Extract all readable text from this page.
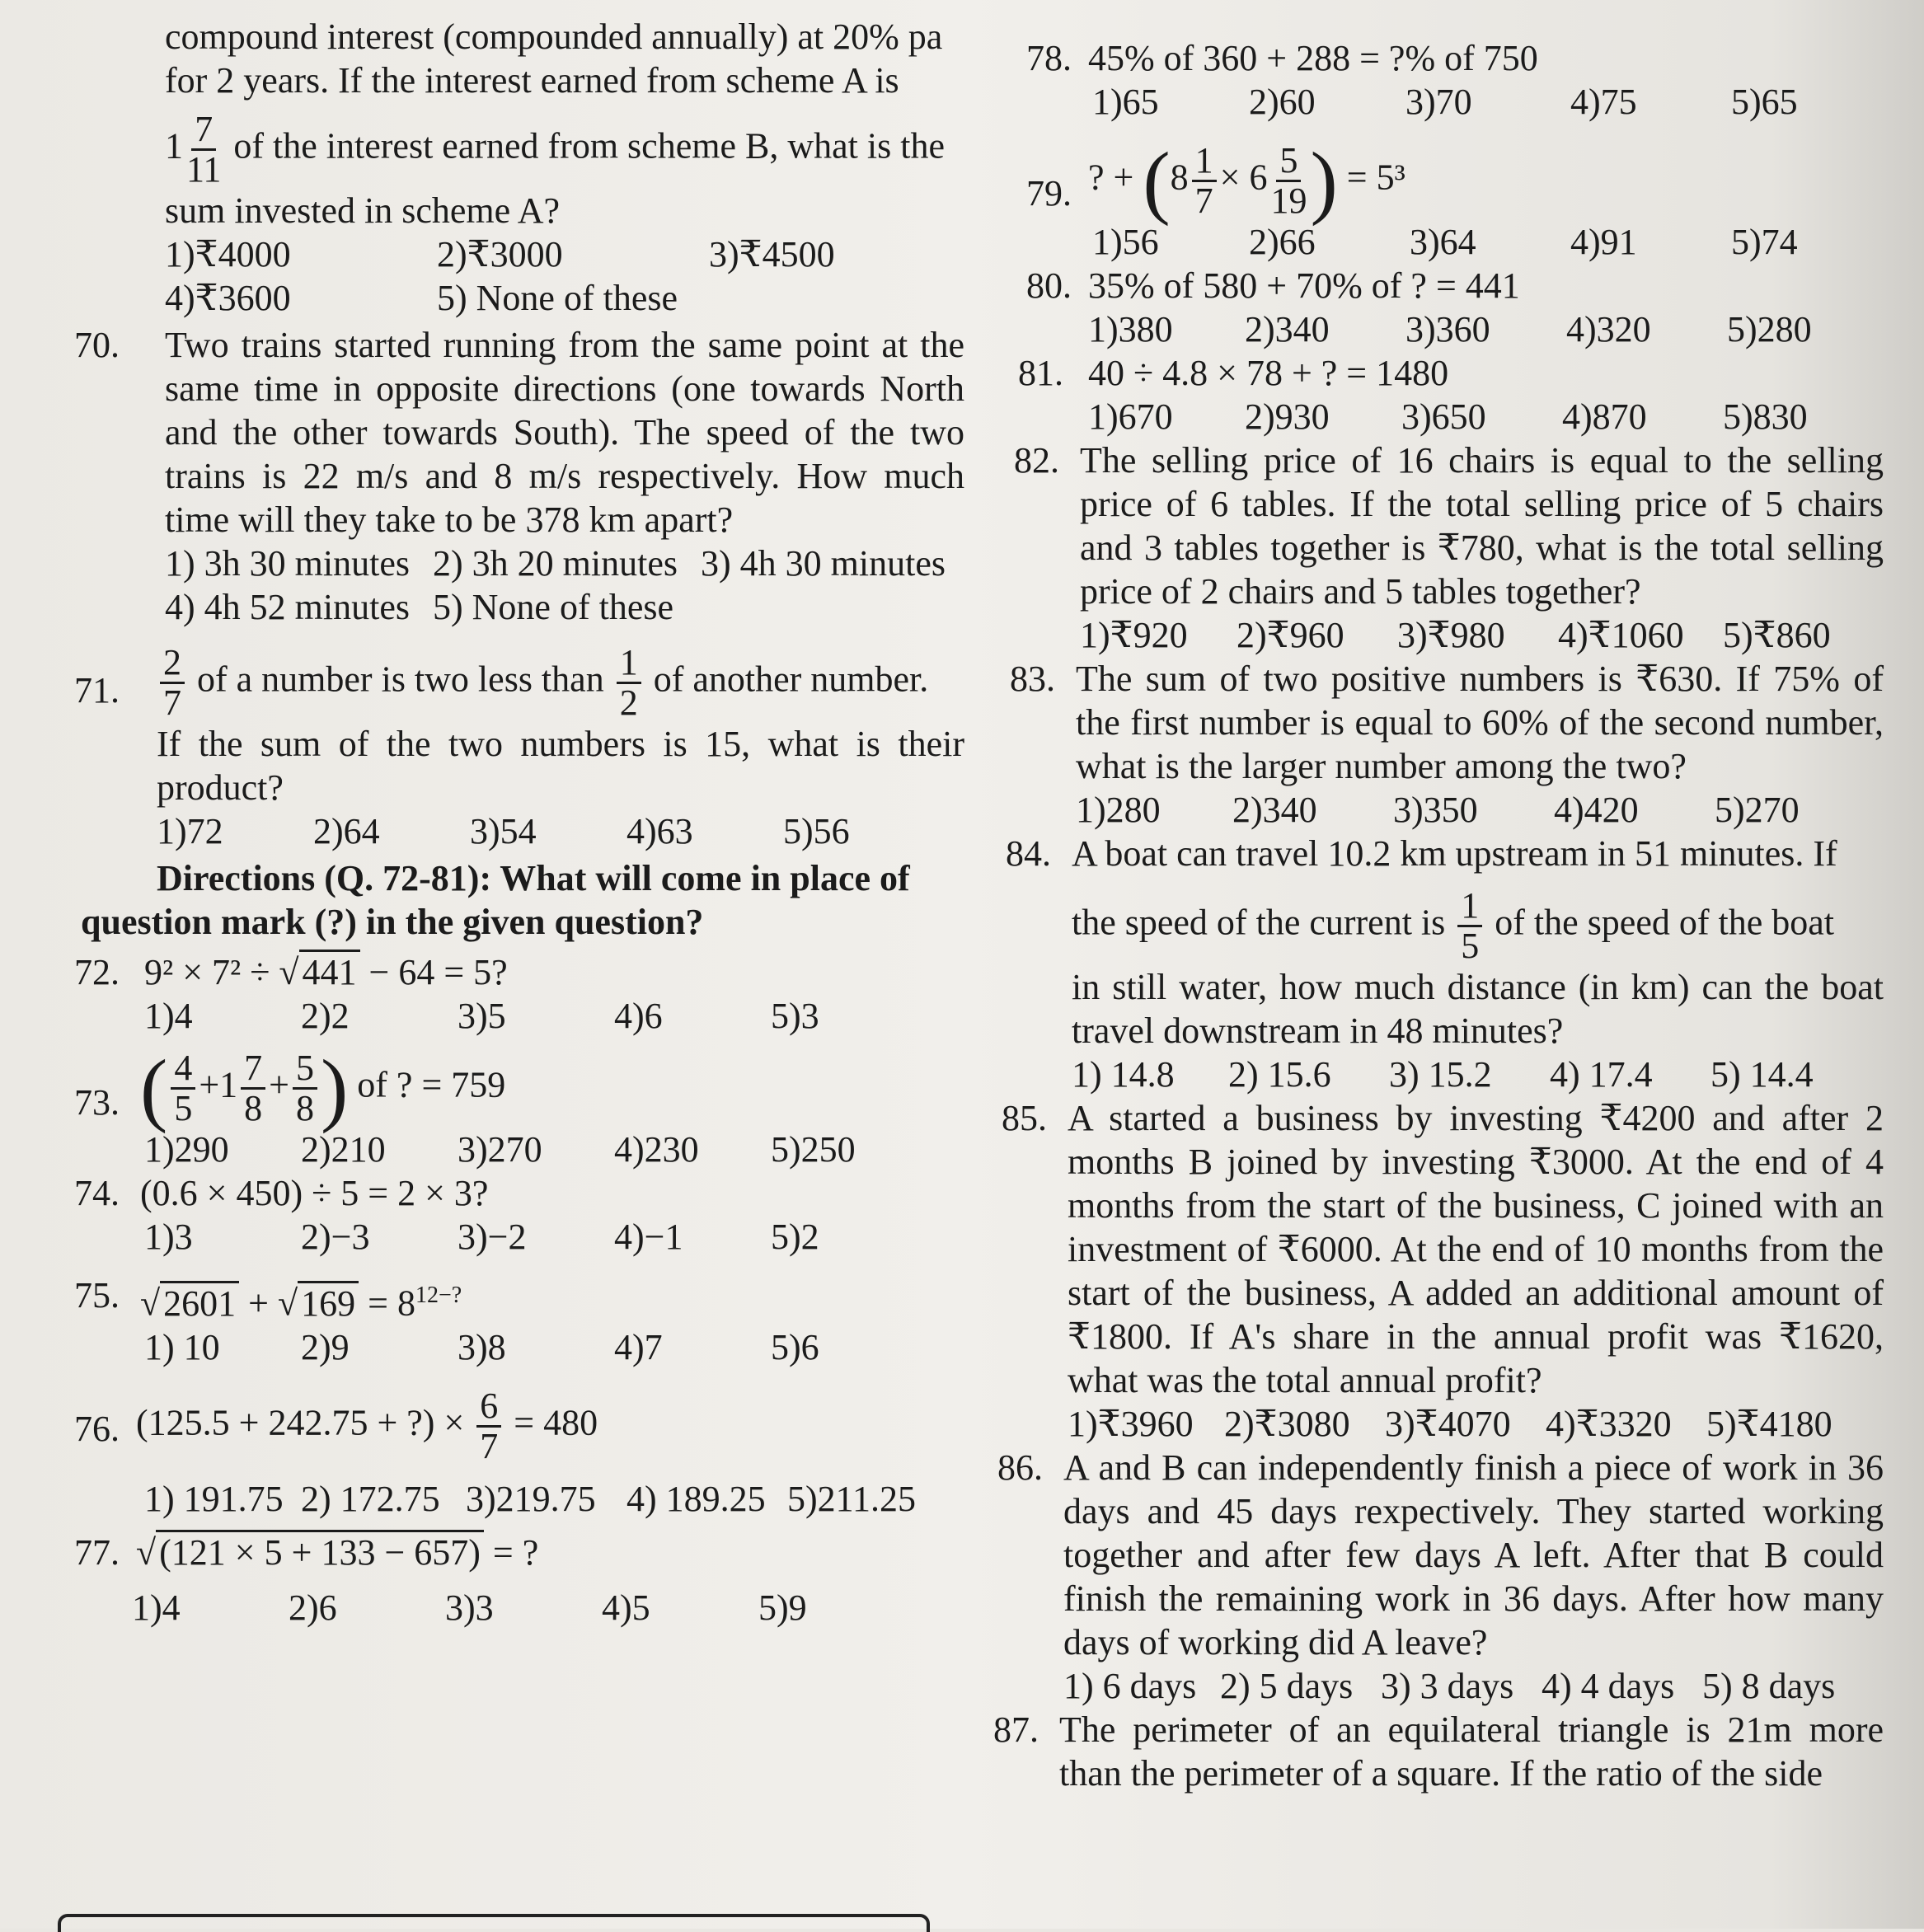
compound interest (compounded annually) at 20% pa
for 2 years. If the interest earned from scheme A is
$1 \frac{7}{11}$ of the interest earned from scheme B, what is the
sum invested in scheme A?
1)₹4000	2)₹3000	3)₹4500
4)₹3600	5) None of these
70. Two trains started running from the same point at the same time in opposite directions (one towards North and the other towards South). The speed of the two trains is 22 m/s and 8 m/s respectively. How much time will they take to be 378 km apart?
1) 3h 30 minutes 2) 3h 20 minutes 3) 4h 30 minutes
4) 4h 52 minutes 5) None of these
71. $\frac{2}{7}$ of a number is two less than $\frac{1}{2}$ of another number.
If the sum of the two numbers is 15, what is their product?
1)72	2)64	3)54	4)63	5)56
Directions (Q. 72-81): What will come in place of
question mark (?) in the given question?
72. 9² × 7² ÷ √441 − 64 = 5?
1)4	2)2	3)5	4)6	5)3
73. ( $\frac{4}{5} +1 \frac{7}{8} + \frac{5}{8}$ ) of ? = 759
1)290	2)210	3)270	4)230	5)250
74. (0.6 × 450) ÷ 5 = 2 × 3?
1)3	2)−3	3)−2	4)−1	5)2
75. $√2601 + √169 = 8^{12-?}$
1) 10	2)9	3)8	4)7	5)6
76. (125.5 + 242.75 + ?) × $\frac{6}{7} = 480$
1) 191.75 2) 172.75 3)219.75 4) 189.25 5)211.25
77. √(121 × 5 + 133 − 657) = ?
1)4	2)6	3)3	4)5	5)9
78. 45% of 360 + 288 = ?% of 750
1)65	2)60	3)70	4)75	5)65
79. ? + ($8 \frac{1}{7} \times 6 \frac{5}{19}$ ) = 5³
1)56	2)66	3)64	4)91	5)74
80. 35% of 580 + 70% of ? = 441
1)380	2)340	3)360	4)320	5)280
81. 40 ÷ 4.8 × 78 + ? = 1480
1)670	2)930	3)650	4)870	5)830
82. The selling price of 16 chairs is equal to the selling price of 6 tables. If the total selling price of 5 chairs and 3 tables together is ₹780, what is the total selling price of 2 chairs and 5 tables together?
1)₹920	2)₹960	3)₹980	4)₹1060	5)₹860
83. The sum of two positive numbers is ₹630. If 75% of the first number is equal to 60% of the second number, what is the larger number among the two?
1)280	2)340	3)350	4)420	5)270
84. A boat can travel 10.2 km upstream in 51 minutes. If
the speed of the current is $\frac{1}{5}$ of the speed of the boat
in still water, how much distance (in km) can the boat travel downstream in 48 minutes?
1) 14.8	2) 15.6	3) 15.2	4) 17.4	5) 14.4
85. A started a business by investing ₹4200 and after 2 months B joined by investing ₹3000. At the end of 4 months from the start of the business, C joined with an investment of ₹6000. At the end of 10 months from the start of the business, A added an additional amount of ₹1800. If A's share in the annual profit was ₹1620, what was the total annual profit?
1)₹3960 2)₹3080 3)₹4070 4)₹3320 5)₹4180
86. A and B can independently finish a piece of work in 36 days and 45 days rexpectively. They started working together and after few days A left. After that B could finish the remaining work in 36 days. After how many days of working did A leave?
1) 6 days 2) 5 days 3) 3 days 4) 4 days 5) 8 days
87. The perimeter of an equilateral triangle is 21m more than the perimeter of a square. If the ratio of the side
